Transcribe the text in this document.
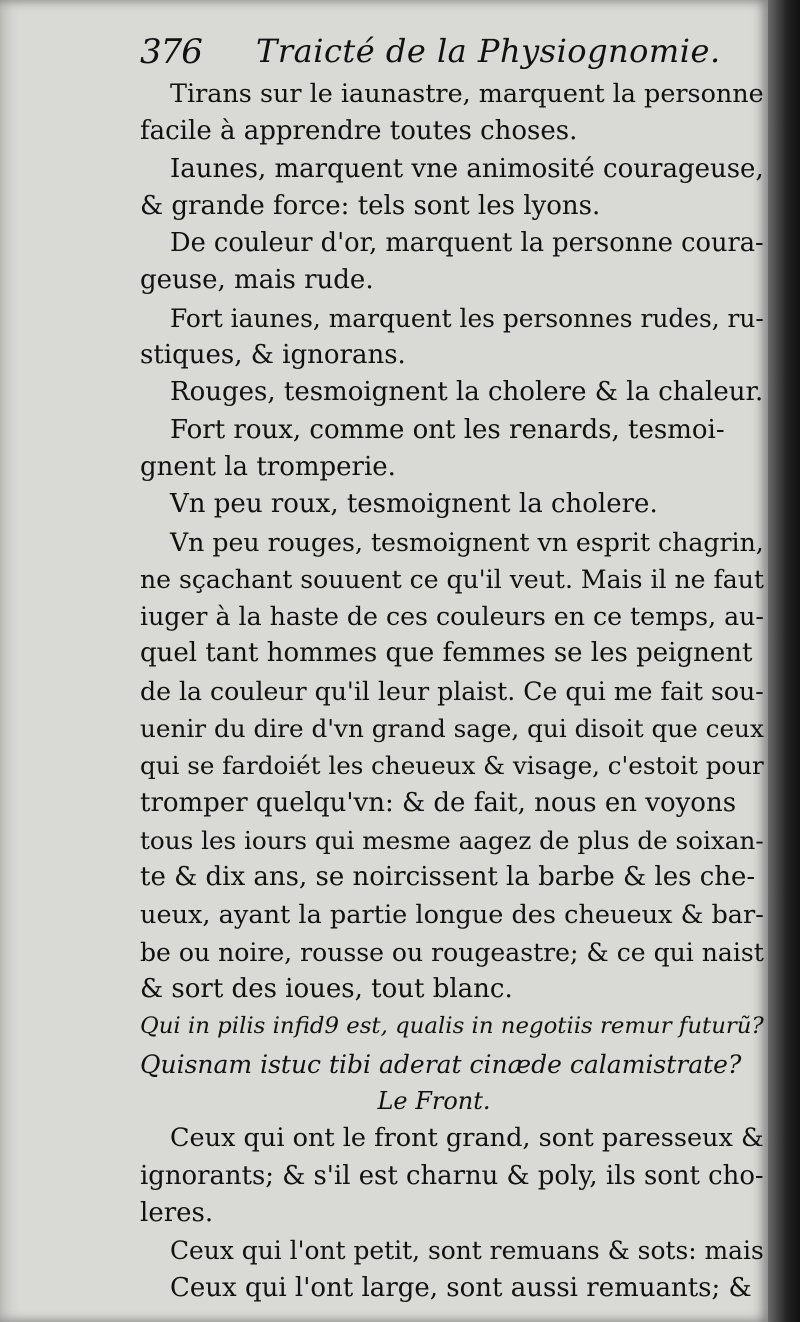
376 Traicté de la Physiognomie.
Tirans sur le iaunastre, marquent la personne
facile à apprendre toutes choses.
Iaunes, marquent vne animosité courageuse,
& grande force: tels sont les lyons.
De couleur d'or, marquent la personne coura-
geuse, mais rude.
Fort iaunes, marquent les personnes rudes, ru-
stiques, & ignorans.
Rouges, tesmoignent la cholere & la chaleur.
Fort roux, comme ont les renards, tesmoi-
gnent la tromperie.
Vn peu roux, tesmoignent la cholere.
Vn peu rouges, tesmoignent vn esprit chagrin,
ne sçachant souuent ce qu'il veut. Mais il ne faut
iuger à la haste de ces couleurs en ce temps, au-
quel tant hommes que femmes se les peignent
de la couleur qu'il leur plaist. Ce qui me fait sou-
uenir du dire d'vn grand sage, qui disoit que ceux
qui se fardoiét les cheueux & visage, c'estoit pour
tromper quelqu'vn: & de fait, nous en voyons
tous les iours qui mesme aagez de plus de soixan-
te & dix ans, se noircissent la barbe & les che-
ueux, ayant la partie longue des cheueux & bar-
be ou noire, rousse ou rougeastre; & ce qui naist
& sort des ioues, tout blanc.
Qui in pilis infid9 est, qualis in negotiis remur futurũ?
Quisnam istuc tibi aderat cinæde calamistrate?
Le Front.
Ceux qui ont le front grand, sont paresseux &
ignorants; & s'il est charnu & poly, ils sont cho-
leres.
Ceux qui l'ont petit, sont remuans & sots: mais
Ceux qui l'ont large, sont aussi remuants; &
